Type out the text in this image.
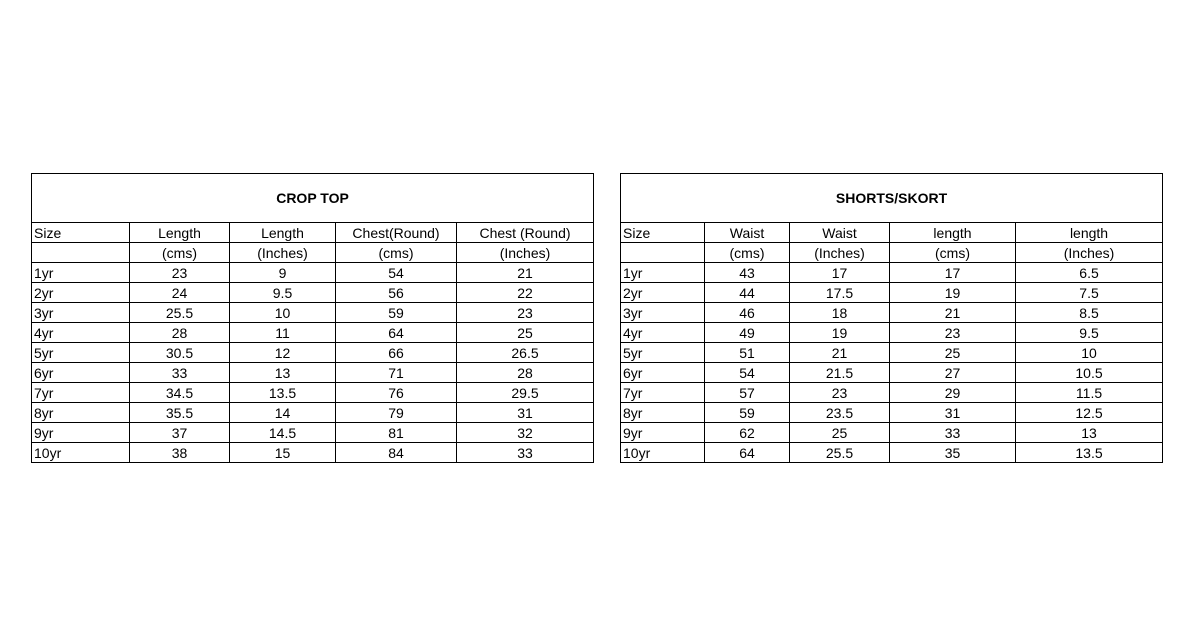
CROP TOP				
Size	Length	Length	Chest(Round)	Chest (Round)
	(cms)	(Inches)	(cms)	(Inches)
1yr	23	9	54	21
2yr	24	9.5	56	22
3yr	25.5	10	59	23
4yr	28	11	64	25
5yr	30.5	12	66	26.5
6yr	33	13	71	28
7yr	34.5	13.5	76	29.5
8yr	35.5	14	79	31
9yr	37	14.5	81	32
10yr	38	15	84	33
SHORTS/SKORT				
Size	Waist	Waist	length	length
	(cms)	(Inches)	(cms)	(Inches)
1yr	43	17	17	6.5
2yr	44	17.5	19	7.5
3yr	46	18	21	8.5
4yr	49	19	23	9.5
5yr	51	21	25	10
6yr	54	21.5	27	10.5
7yr	57	23	29	11.5
8yr	59	23.5	31	12.5
9yr	62	25	33	13
10yr	64	25.5	35	13.5
